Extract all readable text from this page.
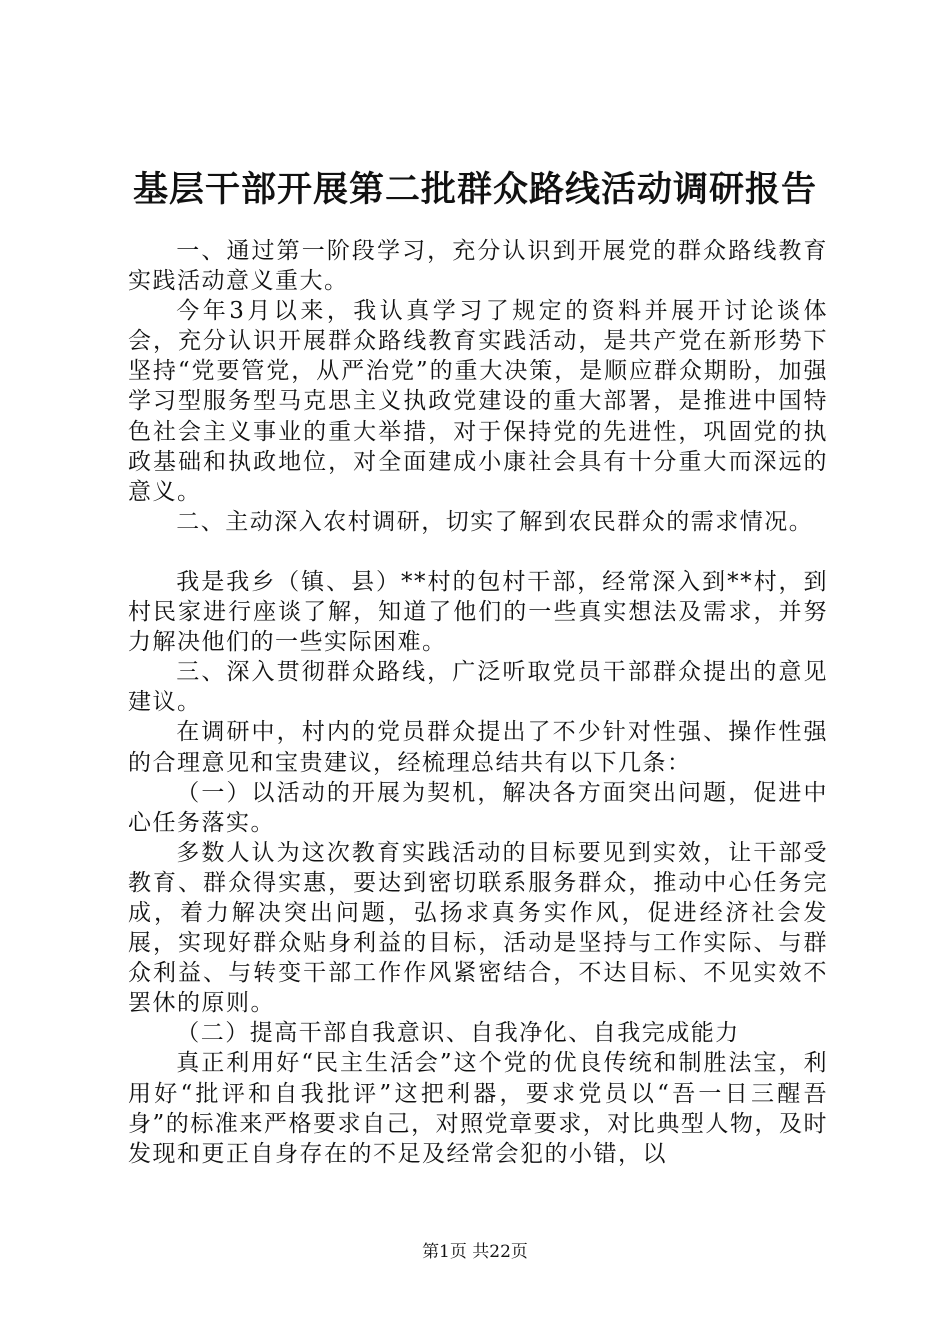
基层干部开展第二批群众路线活动调研报告

一、通过第一阶段学习，充分认识到开展党的群众路线教育实践活动意义重大。

今年3月以来，我认真学习了规定的资料并展开讨论谈体会，充分认识开展群众路线教育实践活动，是共产党在新形势下坚持“党要管党，从严治党”的重大决策，是顺应群众期盼，加强学习型服务型马克思主义执政党建设的重大部署，是推进中国特色社会主义事业的重大举措，对于保持党的先进性，巩固党的执政基础和执政地位，对全面建成小康社会具有十分重大而深远的意义。

二、主动深入农村调研，切实了解到农民群众的需求情况。

我是我乡（镇、县）**村的包村干部，经常深入到**村，到村民家进行座谈了解，知道了他们的一些真实想法及需求，并努力解决他们的一些实际困难。

三、深入贯彻群众路线，广泛听取党员干部群众提出的意见建议。

在调研中，村内的党员群众提出了不少针对性强、操作性强的合理意见和宝贵建议，经梳理总结共有以下几条：

（一）以活动的开展为契机，解决各方面突出问题，促进中心任务落实。

多数人认为这次教育实践活动的目标要见到实效，让干部受教育、群众得实惠，要达到密切联系服务群众，推动中心任务完成，着力解决突出问题，弘扬求真务实作风，促进经济社会发展，实现好群众贴身利益的目标，活动是坚持与工作实际、与群众利益、与转变干部工作作风紧密结合，不达目标、不见实效不罢休的原则。

（二）提高干部自我意识、自我净化、自我完成能力

真正利用好“民主生活会”这个党的优良传统和制胜法宝，利用好“批评和自我批评”这把利器，要求党员以“吾一日三醒吾身”的标准来严格要求自己，对照党章要求，对比典型人物，及时发现和更正自身存在的不足及经常会犯的小错，以

第1页 共22页
